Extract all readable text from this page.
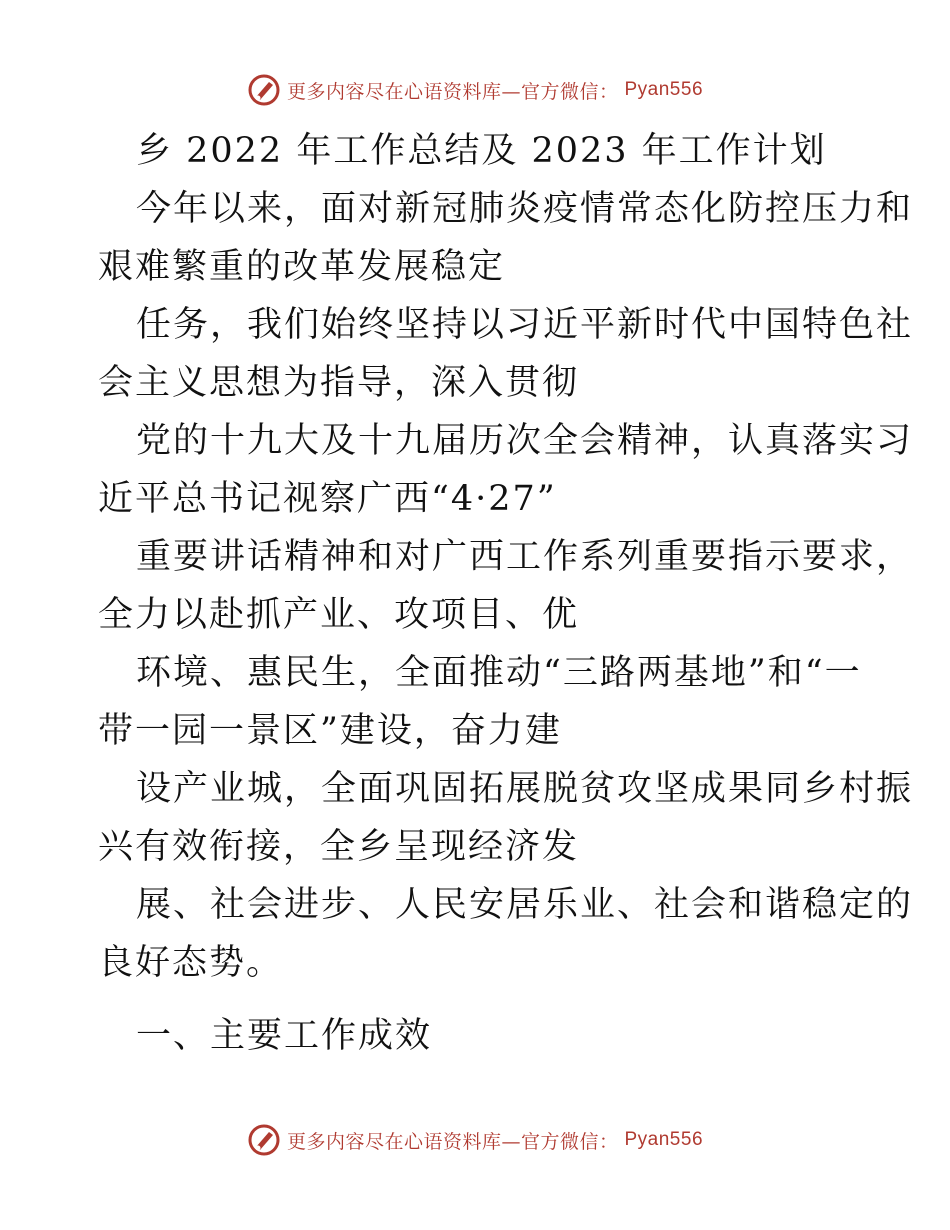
更多内容尽在心语资料库—官方微信： Pyan556
乡 2022 年工作总结及 2023 年工作计划
今年以来，面对新冠肺炎疫情常态化防控压力和
艰难繁重的改革发展稳定
任务，我们始终坚持以习近平新时代中国特色社
会主义思想为指导，深入贯彻
党的十九大及十九届历次全会精神，认真落实习
近平总书记视察广西“4·27”
重要讲话精神和对广西工作系列重要指示要求，
全力以赴抓产业、攻项目、优
环境、惠民生，全面推动“三路两基地”和“一
带一园一景区”建设，奋力建
设产业城，全面巩固拓展脱贫攻坚成果同乡村振
兴有效衔接，全乡呈现经济发
展、社会进步、人民安居乐业、社会和谐稳定的
良好态势。
一、主要工作成效
更多内容尽在心语资料库—官方微信： Pyan556
